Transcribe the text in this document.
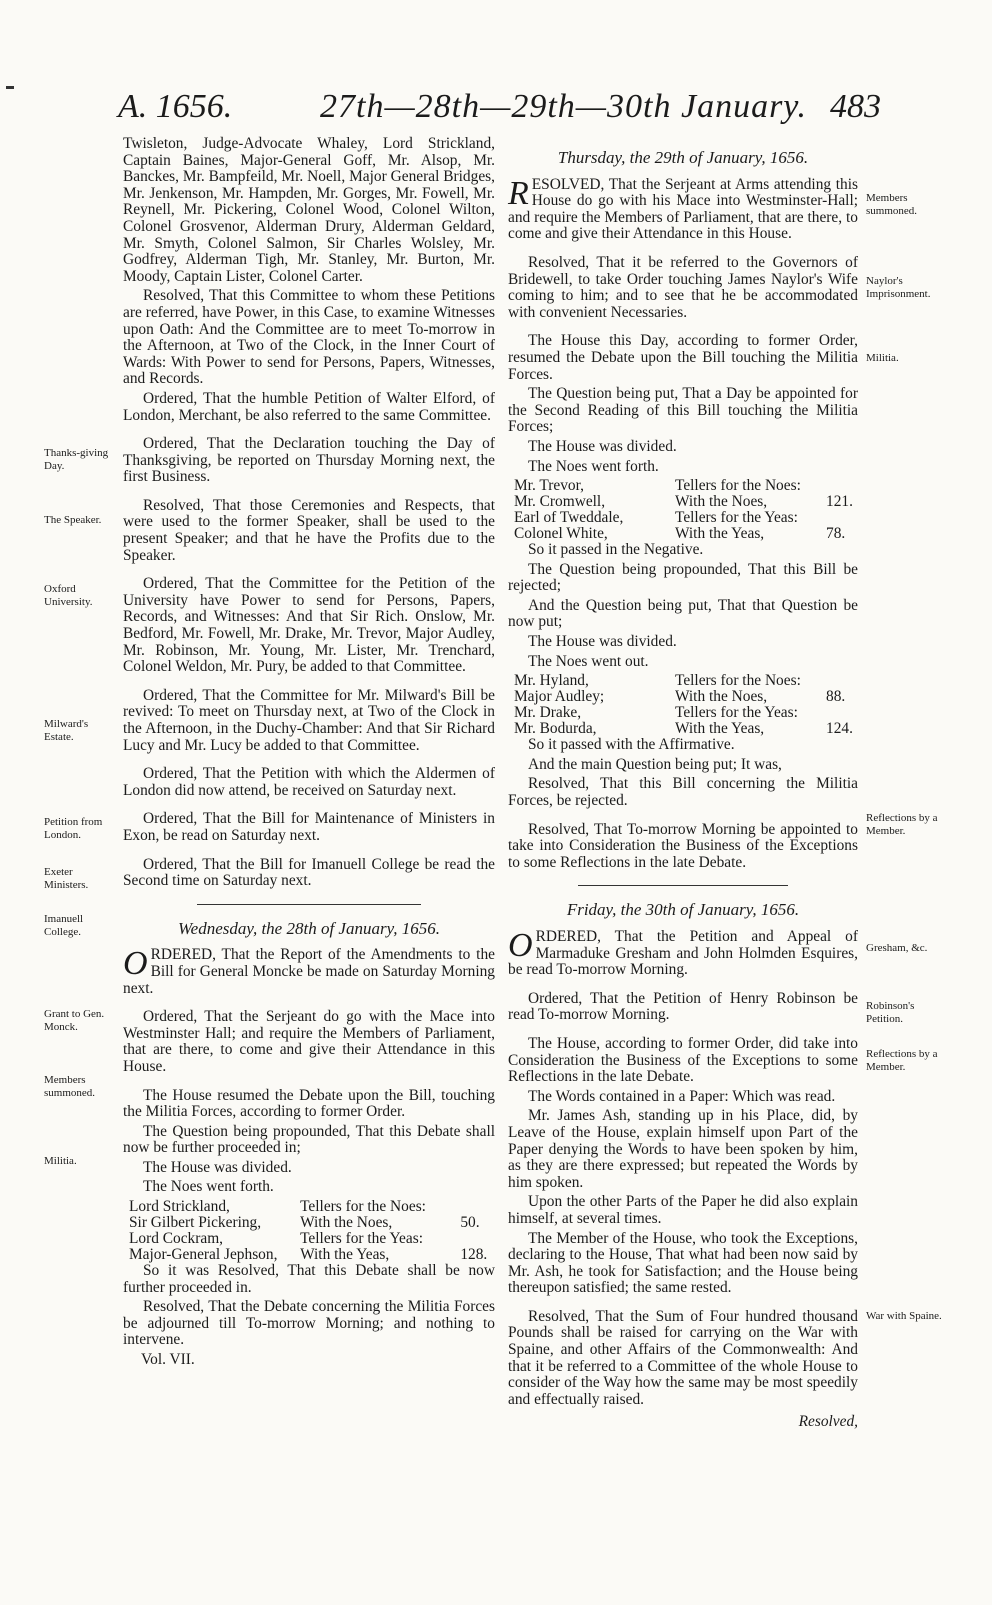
A. 1656.	27th—28th—29th—30th January. 483
Thanks-giving Day.
The Speaker.
Oxford University.
Milward's Estate.
Petition from London.
Exeter Ministers.
Imanuell College.
Grant to Gen. Monck.
Members summoned.
Militia.
Members summoned.
Naylor's Imprisonment.
Militia.
Reflections by a Member.
Gresham, &c.
Robinson's Petition.
Reflections by a Member.
War with Spaine.

Twisleton, Judge-Advocate Whaley, Lord Strickland, Captain Baines, Major-General Goff, Mr. Alsop, Mr. Banckes, Mr. Bampfeild, Mr. Noell, Major General Bridges, Mr. Jenkenson, Mr. Hampden, Mr. Gorges, Mr. Fowell, Mr. Reynell, Mr. Pickering, Colonel Wood, Colonel Wilton, Colonel Grosvenor, Alderman Drury, Alderman Geldard, Mr. Smyth, Colonel Salmon, Sir Charles Wolsley, Mr. Godfrey, Alderman Tigh, Mr. Stanley, Mr. Burton, Mr. Moody, Captain Lister, Colonel Carter.

Resolved, That this Committee to whom these Petitions are referred, have Power, in this Case, to examine Witnesses upon Oath: And the Committee are to meet To-morrow in the Afternoon, at Two of the Clock, in the Inner Court of Wards: With Power to send for Persons, Papers, Witnesses, and Records.

Ordered, That the humble Petition of Walter Elford, of London, Merchant, be also referred to the same Committee.

Ordered, That the Declaration touching the Day of Thanksgiving, be reported on Thursday Morning next, the first Business.

Resolved, That those Ceremonies and Respects, that were used to the former Speaker, shall be used to the present Speaker; and that he have the Profits due to the Speaker.

Ordered, That the Committee for the Petition of the University have Power to send for Persons, Papers, Records, and Witnesses: And that Sir Rich. Onslow, Mr. Bedford, Mr. Fowell, Mr. Drake, Mr. Trevor, Major Audley, Mr. Robinson, Mr. Young, Mr. Lister, Mr. Trenchard, Colonel Weldon, Mr. Pury, be added to that Committee.

Ordered, That the Committee for Mr. Milward's Bill be revived: To meet on Thursday next, at Two of the Clock in the Afternoon, in the Duchy-Chamber: And that Sir Richard Lucy and Mr. Lucy be added to that Committee.

Ordered, That the Petition with which the Aldermen of London did now attend, be received on Saturday next.

Ordered, That the Bill for Maintenance of Ministers in Exon, be read on Saturday next.

Ordered, That the Bill for Imanuell College be read the Second time on Saturday next.

Wednesday, the 28th of January, 1656.

ORDERED, That the Report of the Amendments to the Bill for General Moncke be made on Saturday Morning next.

Ordered, That the Serjeant do go with the Mace into Westminster Hall; and require the Members of Parliament, that are there, to come and give their Attendance in this House.

The House resumed the Debate upon the Bill, touching the Militia Forces, according to former Order.

The Question being propounded, That this Debate shall now be further proceeded in;

The House was divided.

The Noes went forth.

Lord Strickland,	Tellers for the Noes:	
Sir Gilbert Pickering,	With the Noes,	50.
Lord Cockram,	Tellers for the Yeas:	
Major-General Jephson,	With the Yeas,	128.

So it was Resolved, That this Debate shall be now further proceeded in.

Resolved, That the Debate concerning the Militia Forces be adjourned till To-morrow Morning; and nothing to intervene.

Vol. VII.

Thursday, the 29th of January, 1656.

RESOLVED, That the Serjeant at Arms attending this House do go with his Mace into Westminster-Hall; and require the Members of Parliament, that are there, to come and give their Attendance in this House.

Resolved, That it be referred to the Governors of Bridewell, to take Order touching James Naylor's Wife coming to him; and to see that he be accommodated with convenient Necessaries.

The House this Day, according to former Order, resumed the Debate upon the Bill touching the Militia Forces.

The Question being put, That a Day be appointed for the Second Reading of this Bill touching the Militia Forces;

The House was divided.

The Noes went forth.

Mr. Trevor,	Tellers for the Noes:	
Mr. Cromwell,	With the Noes,	121.
Earl of Tweddale,	Tellers for the Yeas:	
Colonel White,	With the Yeas,	78.

So it passed in the Negative.

The Question being propounded, That this Bill be rejected;

And the Question being put, That that Question be now put;

The House was divided.

The Noes went out.

Mr. Hyland,	Tellers for the Noes:	
Major Audley;	With the Noes,	88.
Mr. Drake,	Tellers for the Yeas:	
Mr. Bodurda,	With the Yeas,	124.

So it passed with the Affirmative.

And the main Question being put; It was,

Resolved, That this Bill concerning the Militia Forces, be rejected.

Resolved, That To-morrow Morning be appointed to take into Consideration the Business of the Exceptions to some Reflections in the late Debate.

Friday, the 30th of January, 1656.

ORDERED, That the Petition and Appeal of Marmaduke Gresham and John Holmden Esquires, be read To-morrow Morning.

Ordered, That the Petition of Henry Robinson be read To-morrow Morning.

The House, according to former Order, did take into Consideration the Business of the Exceptions to some Reflections in the late Debate.

The Words contained in a Paper: Which was read.

Mr. James Ash, standing up in his Place, did, by Leave of the House, explain himself upon Part of the Paper denying the Words to have been spoken by him, as they are there expressed; but repeated the Words by him spoken.

Upon the other Parts of the Paper he did also explain himself, at several times.

The Member of the House, who took the Exceptions, declaring to the House, That what had been now said by Mr. Ash, he took for Satisfaction; and the House being thereupon satisfied; the same rested.

Resolved, That the Sum of Four hundred thousand Pounds shall be raised for carrying on the War with Spaine, and other Affairs of the Commonwealth: And that it be referred to a Committee of the whole House to consider of the Way how the same may be most speedily and effectually raised.

Resolved,
